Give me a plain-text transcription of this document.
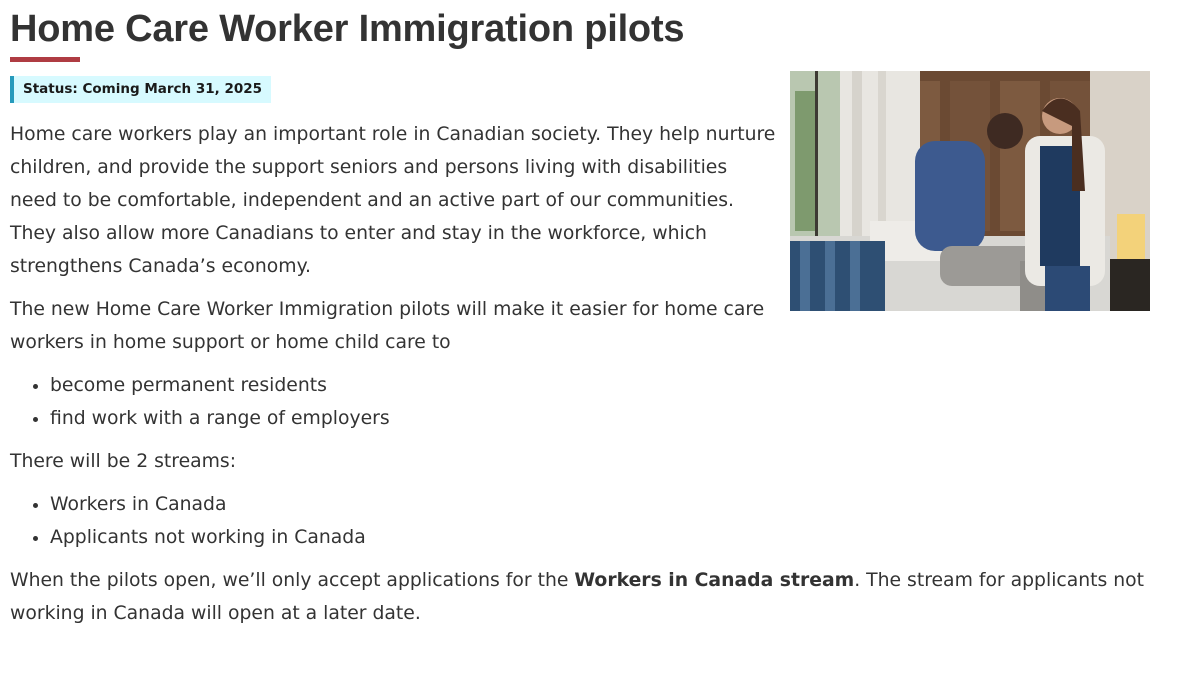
Home Care Worker Immigration pilots
Status: Coming March 31, 2025

Home care workers play an important role in Canadian society. They help nurture children, and provide the support seniors and persons living with disabilities need to be comfortable, independent and an active part of our communities. They also allow more Canadians to enter and stay in the workforce, which strengthens Canada’s economy.

The new Home Care Worker Immigration pilots will make it easier for home care workers in home support or home child care to

• become permanent residents
• find work with a range of employers

There will be 2 streams:

• Workers in Canada
• Applicants not working in Canada

When the pilots open, we’ll only accept applications for the Workers in Canada stream. The stream for applicants not working in Canada will open at a later date.
